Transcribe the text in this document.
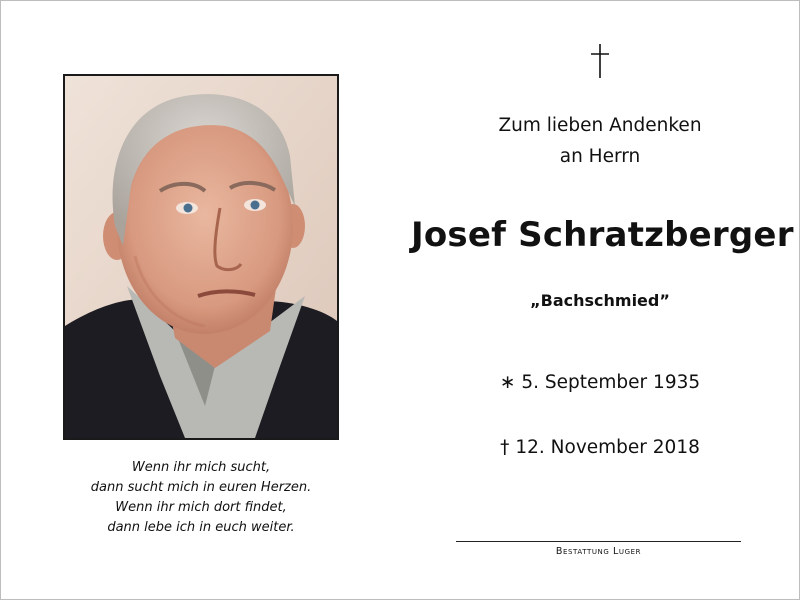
Wenn ihr mich sucht,
dann sucht mich in euren Herzen.
Wenn ihr mich dort findet,
dann lebe ich in euch weiter.
Zum lieben Andenken
an Herrn
Josef Schratzberger
„Bachschmied”
∗ 5. September 1935
† 12. November 2018
Bestattung Luger
